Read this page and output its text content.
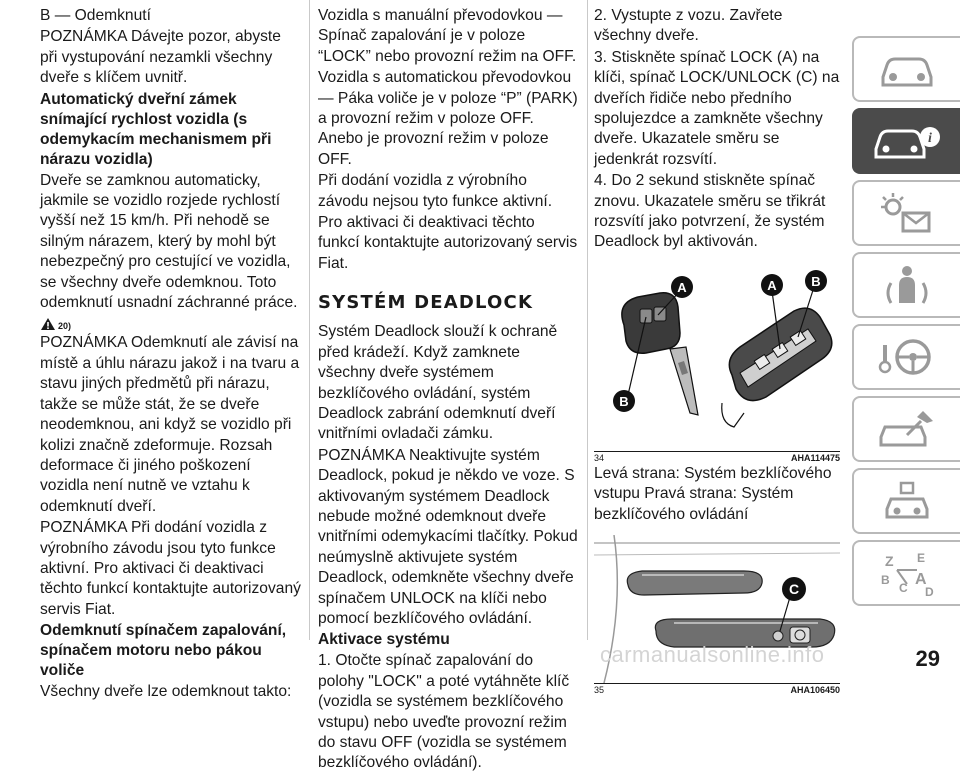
B — Odemknutí

POZNÁMKA Dávejte pozor, abyste při vystupování nezamkli všechny dveře s klíčem uvnitř.

Automatický dveřní zámek snímající rychlost vozidla (s odemykacím mechanismem při nárazu vozidla)

Dveře se zamknou automaticky, jakmile se vozidlo rozjede rychlostí vyšší než 15 km/h. Při nehodě se silným nárazem, který by mohl být nebezpečný pro cestující ve vozidla, se všechny dveře odemknou. Toto odemknutí usnadní záchranné práce.

20)

POZNÁMKA Odemknutí ale závisí na místě a úhlu nárazu jakož i na tvaru a stavu jiných předmětů při nárazu, takže se může stát, že se dveře neodemknou, ani když se vozidlo při kolizi značně zdeformuje. Rozsah deformace či jiného poškození vozidla není nutně ve vztahu k odemknutí dveří.

POZNÁMKA Při dodání vozidla z výrobního závodu jsou tyto funkce aktivní. Pro aktivaci či deaktivaci těchto funkcí kontaktujte autorizovaný servis Fiat.

Odemknutí spínačem zapalování, spínačem motoru nebo pákou voliče

Všechny dveře lze odemknout takto:

Vozidla s manuální převodovkou — Spínač zapalování je v poloze “LOCK” nebo provozní režim na OFF.

Vozidla s automatickou převodovkou — Páka voliče je v poloze “P” (PARK) a provozní režim v poloze OFF. Anebo je provozní režim v poloze OFF.

Při dodání vozidla z výrobního závodu nejsou tyto funkce aktivní.

Pro aktivaci či deaktivaci těchto funkcí kontaktujte autorizovaný servis Fiat.

SYSTÉM DEADLOCK

Systém Deadlock slouží k ochraně před krádeží. Když zamknete všechny dveře systémem bezklíčového ovládání, systém Deadlock zabrání odemknutí dveří vnitřními ovladači zámku.

POZNÁMKA Neaktivujte systém Deadlock, pokud je někdo ve voze. S aktivovaným systémem Deadlock nebude možné odemknout dveře vnitřními odemykacími tlačítky. Pokud neúmyslně aktivujete systém Deadlock, odemkněte všechny dveře spínačem UNLOCK na klíči nebo pomocí bezklíčového ovládání.

Aktivace systému

1. Otočte spínač zapalování do polohy "LOCK" a poté vytáhněte klíč (vozidla se systémem bezklíčového vstupu) nebo uveďte provozní režim do stavu OFF (vozidla se systémem bezklíčového ovládání).

2. Vystupte z vozu. Zavřete všechny dveře.

3. Stiskněte spínač LOCK (A) na klíči, spínač LOCK/UNLOCK (C) na dveřích řidiče nebo předního spolujezdce a zamkněte všechny dveře. Ukazatele směru se jedenkrát rozsvítí.

4. Do 2 sekund stiskněte spínač znovu. Ukazatele směru se třikrát rozsvítí jako potvrzení, že systém Deadlock byl aktivován.

A
B
A	B
34	AHA114475

Levá strana: Systém bezklíčového vstupu Pravá strana: Systém bezklíčového ovládání

C
35	AHA106450
i
Z E
B
C A
D
carmanualsonline.info	29
